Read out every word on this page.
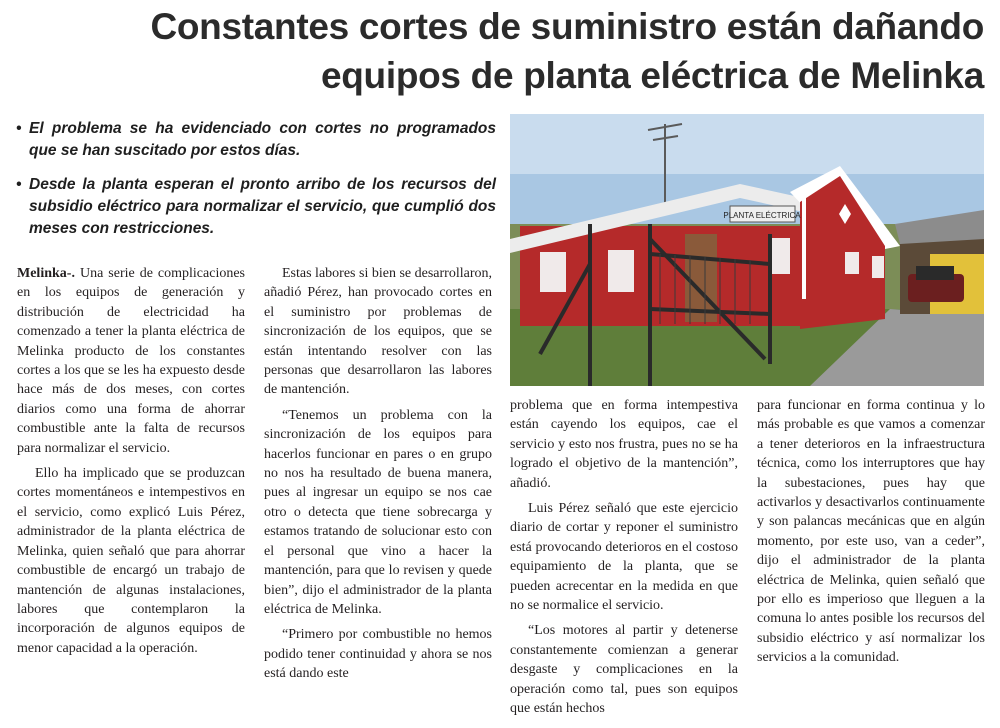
Constantes cortes de suministro están dañando
equipos de planta eléctrica de Melinka
• El problema se ha evidenciado con cortes no programados que se han suscitado por estos días.
• Desde la planta esperan el pronto arribo de los recursos del subsidio eléctrico para normalizar el servicio, que cumplió dos meses con restricciones.

Melinka-. Una serie de complicaciones en los equipos de generación y distribución de electricidad ha comenzado a tener la planta eléctrica de Melinka producto de los constantes cortes a los que se les ha expuesto desde hace más de dos meses, con cortes diarios como una forma de ahorrar combustible ante la falta de recursos para normalizar el servicio.

Ello ha implicado que se produzcan cortes momentáneos e intempestivos en el servicio, como explicó Luis Pérez, administrador de la planta eléctrica de Melinka, quien señaló que para ahorrar combustible de encargó un trabajo de mantención de algunas instalaciones, labores que contemplaron la incorporación de algunos equipos de menor capacidad a la operación.

Estas labores si bien se desarrollaron, añadió Pérez, han provocado cortes en el suministro por problemas de sincronización de los equipos, que se están intentando resolver con las personas que desarrollaron las labores de mantención.

“Tenemos un problema con la sincronización de los equipos para hacerlos funcionar en pares o en grupo no nos ha resultado de buena manera, pues al ingresar un equipo se nos cae otro o detecta que tiene sobrecarga y estamos tratando de solucionar esto con el personal que vino a hacer la mantención, para que lo revisen y quede bien”, dijo el administrador de la planta eléctrica de Melinka.

“Primero por combustible no hemos podido tener continuidad y ahora se nos está dando este

PLANTA ELÉCTRICA

problema que en forma intempestiva están cayendo los equipos, cae el servicio y esto nos frustra, pues no se ha logrado el objetivo de la mantención”, añadió.

Luis Pérez señaló que este ejercicio diario de cortar y reponer el suministro está provocando deterioros en el costoso equipamiento de la planta, que se pueden acrecentar en la medida en que no se normalice el servicio.

“Los motores al partir y detenerse constantemente comienzan a generar desgaste y complicaciones en la operación como tal, pues son equipos que están hechos

para funcionar en forma continua y lo más probable es que vamos a comenzar a tener deterioros en la infraestructura técnica, como los interruptores que hay la subestaciones, pues hay que activarlos y desactivarlos continuamente y son palancas mecánicas que en algún momento, por este uso, van a ceder”, dijo el administrador de la planta eléctrica de Melinka, quien señaló que por ello es imperioso que lleguen a la comuna lo antes posible los recursos del subsidio eléctrico y así normalizar los servicios a la comunidad.
